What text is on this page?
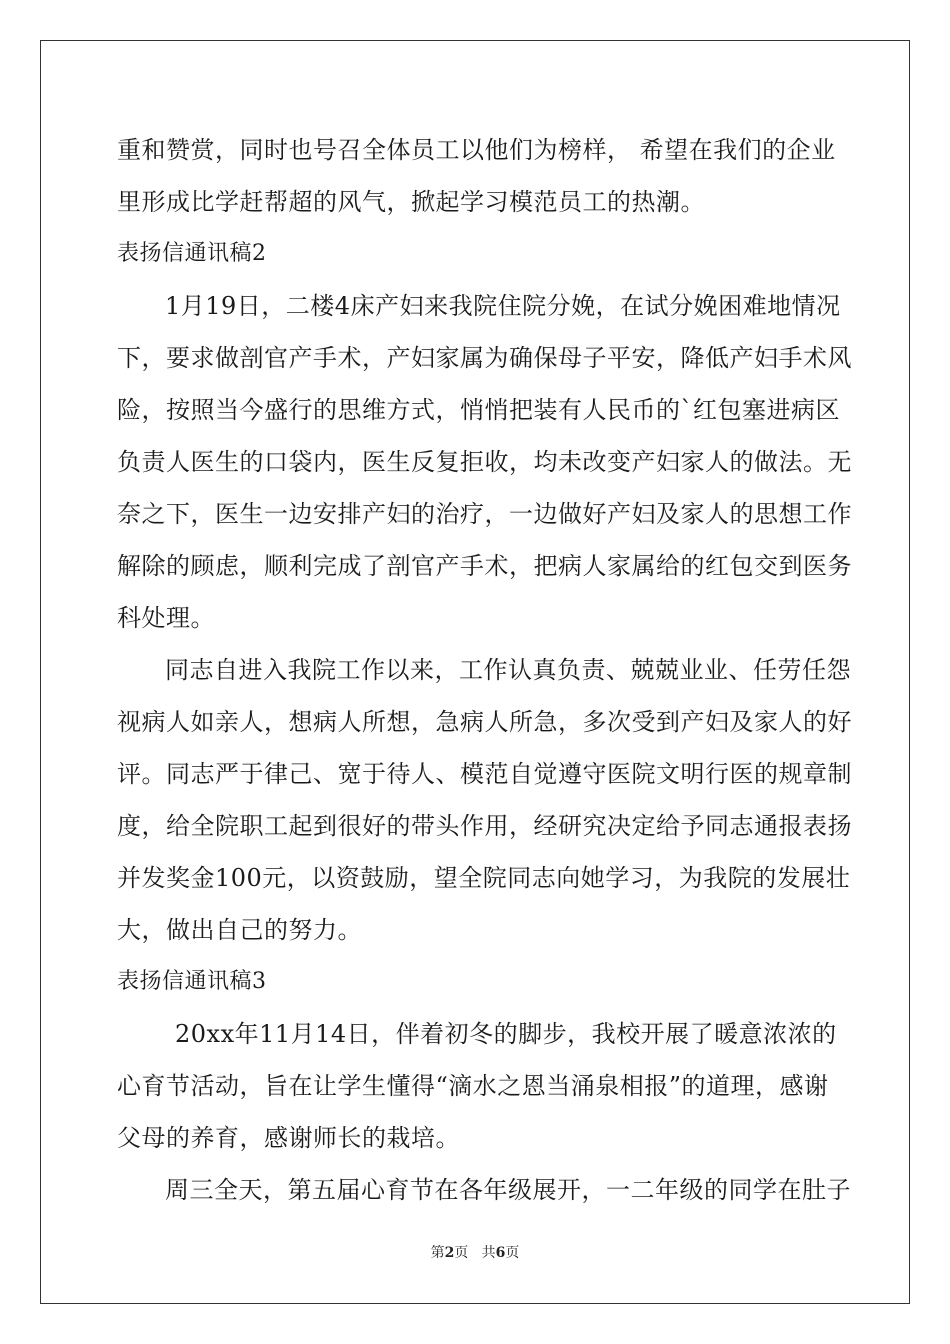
重和赞赏，同时也号召全体员工以他们为榜样， 希望在我们的企业
里形成比学赶帮超的风气，掀起学习模范员工的热潮。
表扬信通讯稿2
1月19日，二楼4床产妇来我院住院分娩，在试分娩困难地情况
下，要求做剖官产手术，产妇家属为确保母子平安，降低产妇手术风
险，按照当今盛行的思维方式，悄悄把装有人民币的`红包塞进病区
负责人医生的口袋内，医生反复拒收，均未改变产妇家人的做法。无
奈之下，医生一边安排产妇的治疗，一边做好产妇及家人的思想工作
解除的顾虑，顺利完成了剖官产手术，把病人家属给的红包交到医务
科处理。
同志自进入我院工作以来，工作认真负责、兢兢业业、任劳任怨
视病人如亲人，想病人所想，急病人所急，多次受到产妇及家人的好
评。同志严于律己、宽于待人、模范自觉遵守医院文明行医的规章制
度，给全院职工起到很好的带头作用，经研究决定给予同志通报表扬
并发奖金100元，以资鼓励，望全院同志向她学习，为我院的发展壮
大，做出自己的努力。
表扬信通讯稿3
20xx年11月14日，伴着初冬的脚步，我校开展了暖意浓浓的
心育节活动，旨在让学生懂得“滴水之恩当涌泉相报”的道理，感谢
父母的养育，感谢师长的栽培。
周三全天，第五届心育节在各年级展开，一二年级的同学在肚子
第2页 共6页
